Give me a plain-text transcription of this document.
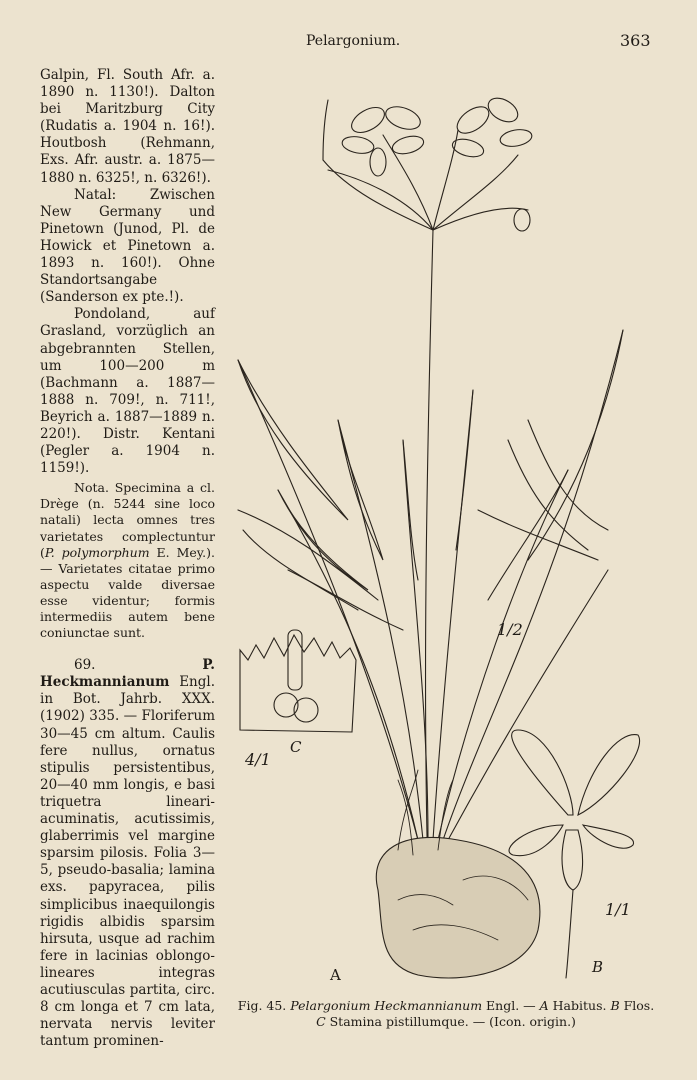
Pelargonium.	363

Galpin, Fl. South Afr. a. 1890 n. 1130!). Dalton bei Maritzburg City (Rudatis a. 1904 n. 16!). Houtbosh (Rehmann, Exs. Afr. austr. a. 1875—1880 n. 6325!, n. 6326!).

Natal: Zwischen New Germany und Pinetown (Junod, Pl. de Howick et Pinetown a. 1893 n. 160!). Ohne Standortsangabe (Sanderson ex pte.!).

Pondoland, auf Grasland, vorzüglich an abgebrannten Stellen, um 100—200 m (Bachmann a. 1887—1888 n. 709!, n. 711!, Beyrich a. 1887—1889 n. 220!). Distr. Kentani (Pegler a. 1904 n. 1159!).

Nota. Specimina a cl. Drège (n. 5244 sine loco natali) lecta omnes tres varietates complectuntur (P. polymorphum E. Mey.). — Varietates citatae primo aspectu valde diversae esse videntur; formis intermediis autem bene coniunctae sunt.

69. P. Heckmannianum Engl. in Bot. Jahrb. XXX. (1902) 335. — Floriferum 30—45 cm altum. Caulis fere nullus, ornatus stipulis persistentibus, 20—40 mm longis, e basi triquetra lineari-acuminatis, acutissimis, glaberrimis vel margine sparsim pilosis. Folia 3—5, pseudo-basalia; lamina exs. papyracea, pilis simplicibus inaequilongis rigidis albidis sparsim hirsuta, usque ad rachim fere in lacinias oblongo-lineares integras acutiusculas partita, circ. 8 cm longa et 7 cm lata, nervata nervis leviter tantum prominen-

1/2
1/1
4/1
A	B
C
Fig. 45. Pelargonium Heckmannianum Engl. — A Habitus. B Flos.
C Stamina pistillumque. — (Icon. origin.)
